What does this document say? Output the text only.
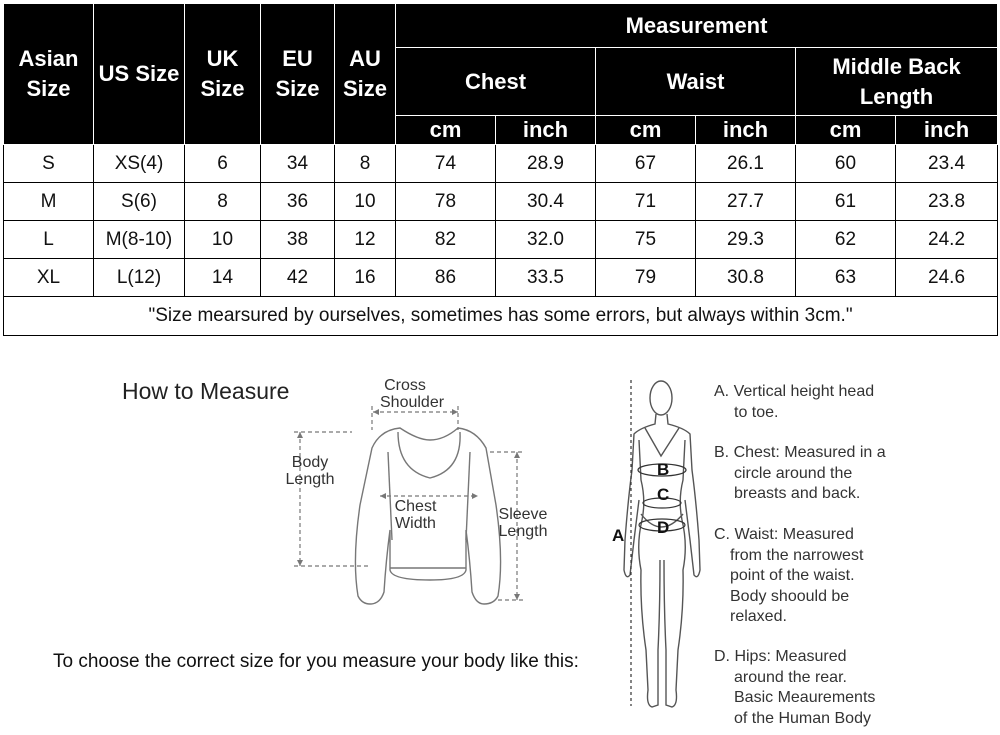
Asian Size	US Size	UK Size	EU Size	AU Size	Measurement					
					Chest		Waist		Middle Back Length	
					cm	inch	cm	inch	cm	inch
S	XS(4)	6	34	8	74	28.9	67	26.1	60	23.4
M	S(6)	8	36	10	78	30.4	71	27.7	61	23.8
L	M(8-10)	10	38	12	82	32.0	75	29.3	62	24.2
XL	L(12)	14	42	16	86	33.5	79	30.8	63	24.6
"Size mearsured by ourselves, sometimes has some errors, but always within 3cm."										
How to Measure	Cross
Shoulder
Body
Length
Chest
Width
Sleeve
Length	A
B
C
D
A. Vertical height head
to toe.
B. Chest: Measured in a
circle around the
breasts and back.
C. Waist: Measured
from the narrowest
point of the waist.
Body shoould be
relaxed.
D. Hips: Measured
around the rear.
Basic Meaurements
of the Human Body
To choose the correct size for you measure your body like this:
